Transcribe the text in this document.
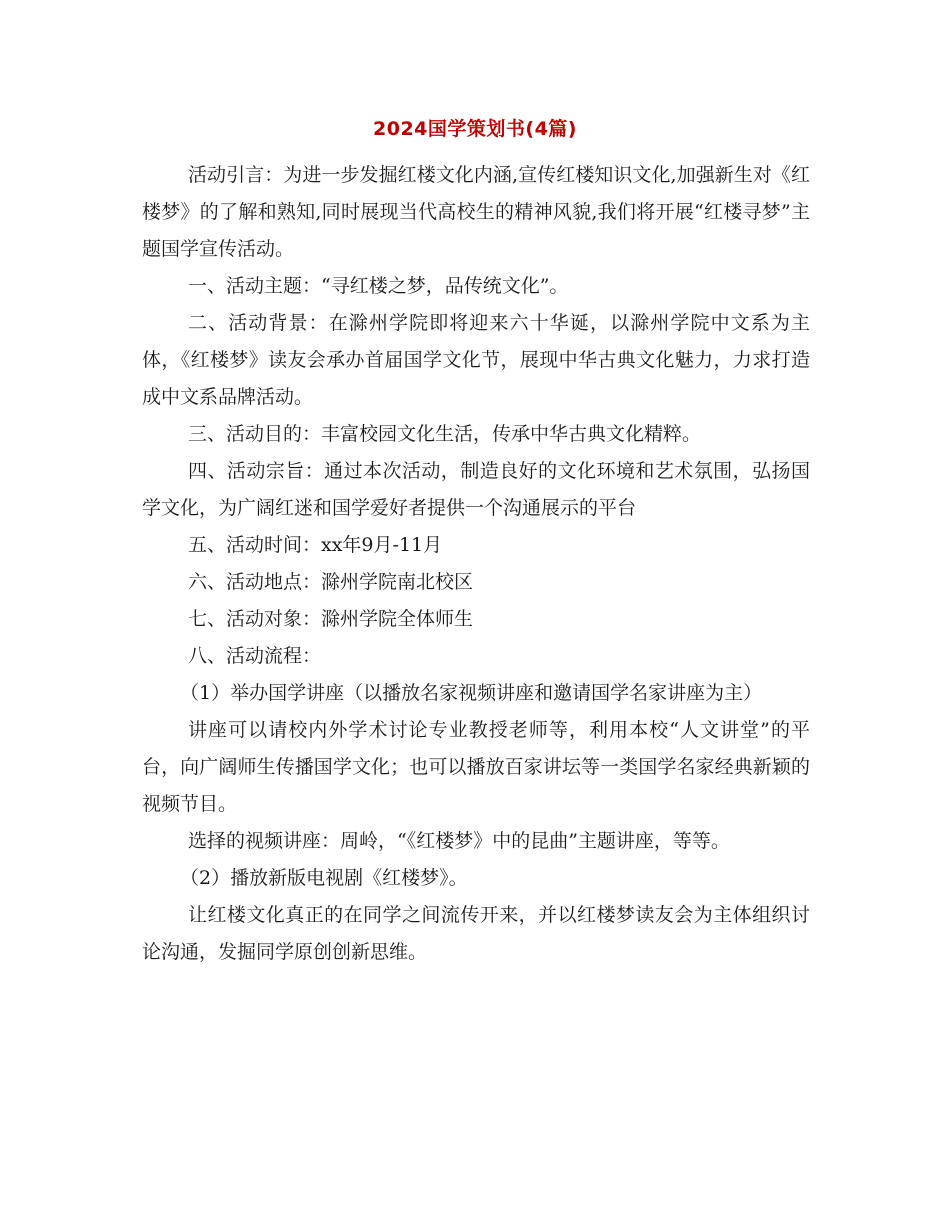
2024国学策划书(4篇)

活动引言：为进一步发掘红楼文化内涵,宣传红楼知识文化,加强新生对《红楼梦》的了解和熟知,同时展现当代高校生的精神风貌,我们将开展“红楼寻梦”主题国学宣传活动。

一、活动主题：“寻红楼之梦，品传统文化”。

二、活动背景：在滁州学院即将迎来六十华诞，以滁州学院中文系为主体，《红楼梦》读友会承办首届国学文化节，展现中华古典文化魅力，力求打造成中文系品牌活动。

三、活动目的：丰富校园文化生活，传承中华古典文化精粹。

四、活动宗旨：通过本次活动，制造良好的文化环境和艺术氛围，弘扬国学文化，为广阔红迷和国学爱好者提供一个沟通展示的平台

五、活动时间：xx年9月-11月

六、活动地点：滁州学院南北校区

七、活动对象：滁州学院全体师生

八、活动流程：

（1）举办国学讲座（以播放名家视频讲座和邀请国学名家讲座为主）

讲座可以请校内外学术讨论专业教授老师等，利用本校“人文讲堂”的平台，向广阔师生传播国学文化；也可以播放百家讲坛等一类国学名家经典新颖的视频节目。

选择的视频讲座：周岭，“《红楼梦》中的昆曲”主题讲座，等等。

（2）播放新版电视剧《红楼梦》。

让红楼文化真正的在同学之间流传开来，并以红楼梦读友会为主体组织讨论沟通，发掘同学原创创新思维。
